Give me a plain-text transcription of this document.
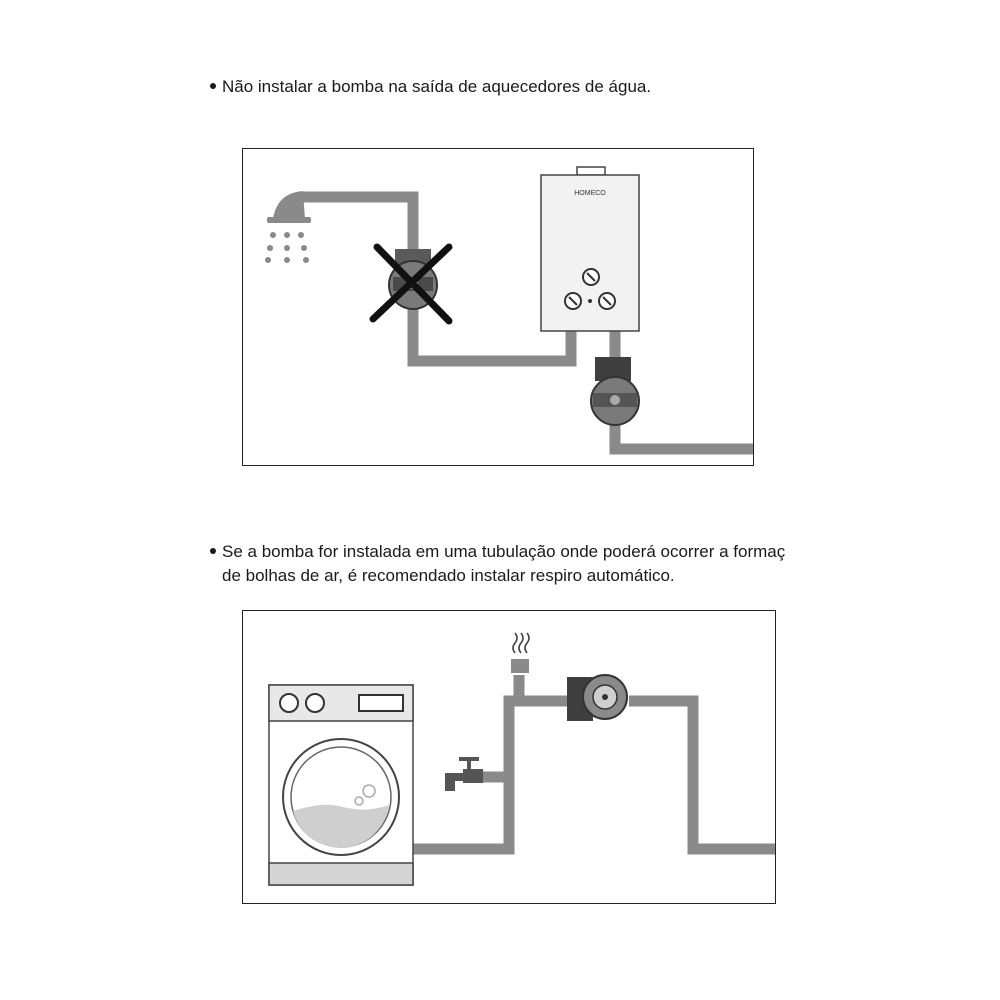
Não instalar a bomba na saída de aquecedores de água.
HOMECO
Se a bomba for instalada em uma tubulação onde poderá ocorrer a formaç
de bolhas de ar, é recomendado instalar respiro automático.
